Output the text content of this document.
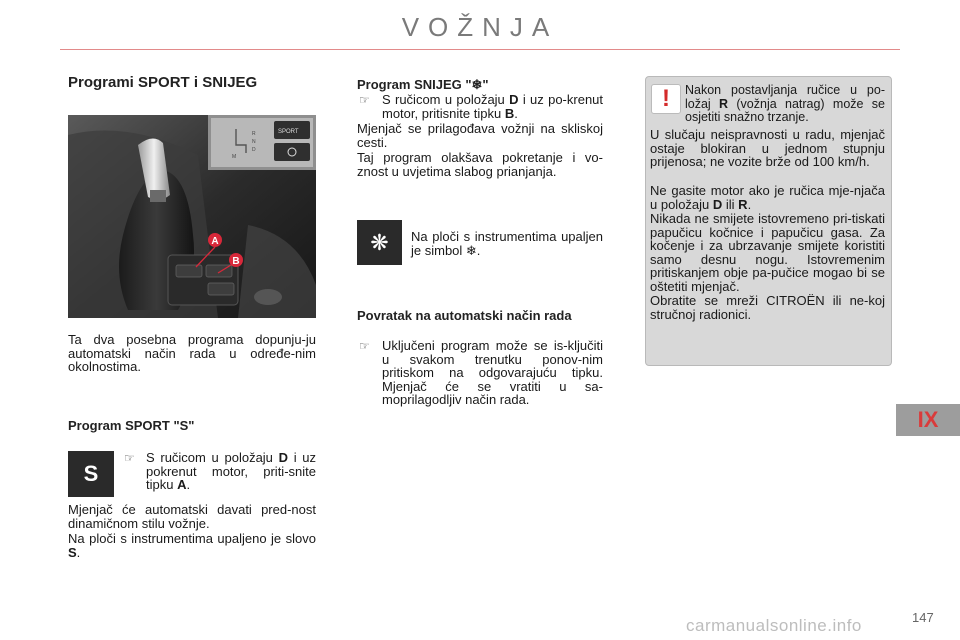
VOŽNJA
IX
Programi SPORT i SNIJEG
R
N
D
M
SPORT
A
B
Ta dva posebna programa dopunju-ju automatski način rada u određe-nim okolnostima.
Program SPORT "S"
S
☞ S ručicom u položaju D i uz pokrenut motor, priti-snite tipku A.
Mjenjač će automatski davati pred-nost dinamičnom stilu vožnje.
Na ploči s instrumentima upaljeno je slovo S.
Program SNIJEG "❄"
☞ S ručicom u položaju D i uz po-krenut motor, pritisnite tipku B.
Mjenjač se prilagođava vožnji na skliskoj cesti.
Taj program olakšava pokretanje i vo-znost u uvjetima slabog prianjanja.
❋	Na ploči s instrumentima upaljen je simbol ❄.
Povratak na automatski način rada
☞ Uključeni program može se is-ključiti u svakom trenutku ponov-nim pritiskom na odgovarajuću tipku. Mjenjač će se vratiti u sa-moprilagodljiv način rada.
!	Nakon postavljanja ručice u po-ložaj R (vožnja natrag) može se osjetiti snažno trzanje.
U slučaju neispravnosti u radu, mjenjač ostaje blokiran u jednom stupnju prijenosa; ne vozite brže od 100 km/h.
Ne gasite motor ako je ručica mje-njača u položaju D ili R.
Nikada ne smijete istovremeno pri-tiskati papučicu kočnice i papučicu gasa. Za kočenje i za ubrzavanje smijete koristiti samo desnu nogu. Istovremenim pritiskanjem obje pa-pučice mogao bi se oštetiti mjenjač.
Obratite se mreži CITROËN ili ne-koj stručnoj radionici.
carmanualsonline.info	147
